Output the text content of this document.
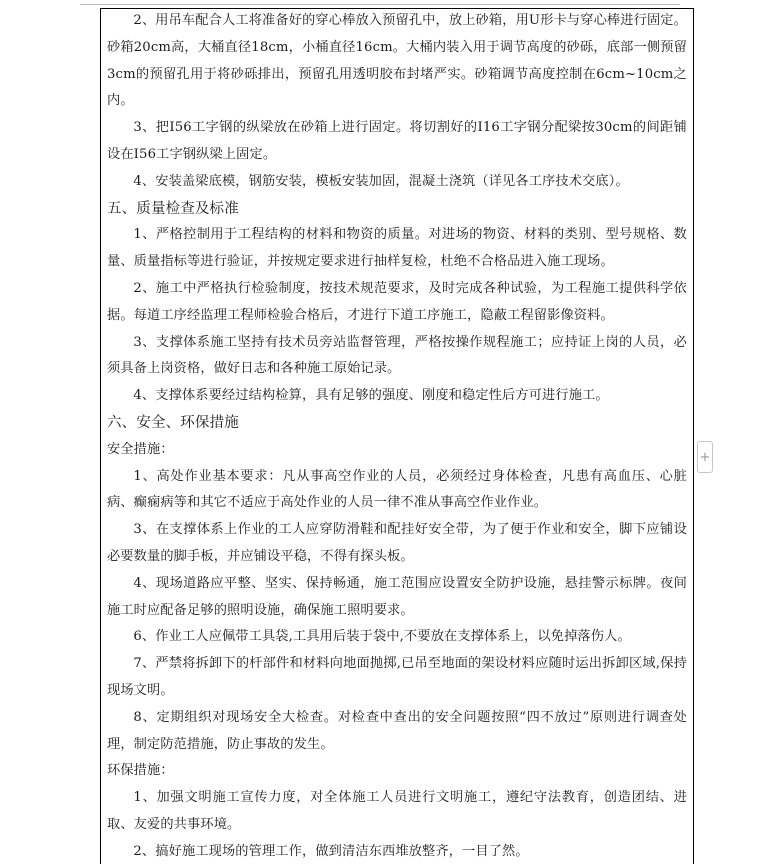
2、用吊车配合人工将准备好的穿心棒放入预留孔中，放上砂箱，用U形卡与穿心棒进行固定。砂箱20cm高，大桶直径18cm，小桶直径16cm。大桶内装入用于调节高度的砂砾，底部一侧预留3cm的预留孔用于将砂砾排出，预留孔用透明胶布封堵严实。砂箱调节高度控制在6cm~10cm之内。

3、把I56工字钢的纵梁放在砂箱上进行固定。将切割好的I16工字钢分配梁按30cm的间距铺设在I56工字钢纵梁上固定。

4、安装盖梁底模，钢筋安装，模板安装加固，混凝土浇筑（详见各工序技术交底）。

五、质量检查及标准

1、严格控制用于工程结构的材料和物资的质量。对进场的物资、材料的类别、型号规格、数量、质量指标等进行验证，并按规定要求进行抽样复检，杜绝不合格品进入施工现场。

2、施工中严格执行检验制度，按技术规范要求，及时完成各种试验，为工程施工提供科学依据。每道工序经监理工程师检验合格后，才进行下道工序施工，隐蔽工程留影像资料。

3、支撑体系施工坚持有技术员旁站监督管理，严格按操作规程施工；应持证上岗的人员，必须具备上岗资格，做好日志和各种施工原始记录。

4、支撑体系要经过结构检算，具有足够的强度、刚度和稳定性后方可进行施工。

六、安全、环保措施

安全措施：

1、高处作业基本要求：凡从事高空作业的人员，必须经过身体检查，凡患有高血压、心脏病、癫痫病等和其它不适应于高处作业的人员一律不准从事高空作业作业。

3、在支撑体系上作业的工人应穿防滑鞋和配挂好安全带，为了便于作业和安全，脚下应铺设必要数量的脚手板，并应铺设平稳，不得有探头板。

4、现场道路应平整、坚实、保持畅通，施工范围应设置安全防护设施，悬挂警示标牌。夜间施工时应配备足够的照明设施，确保施工照明要求。

6、作业工人应佩带工具袋,工具用后装于袋中,不要放在支撑体系上，以免掉落伤人。

7、严禁将拆卸下的杆部件和材料向地面抛掷,已吊至地面的架设材料应随时运出拆卸区域,保持现场文明。

8、定期组织对现场安全大检查。对检查中查出的安全问题按照“四不放过”原则进行调查处理，制定防范措施，防止事故的发生。

环保措施：

1、加强文明施工宣传力度，对全体施工人员进行文明施工，遵纪守法教育，创造团结、进取、友爱的共事环境。

2、搞好施工现场的管理工作，做到清洁东西堆放整齐，一目了然。

+
